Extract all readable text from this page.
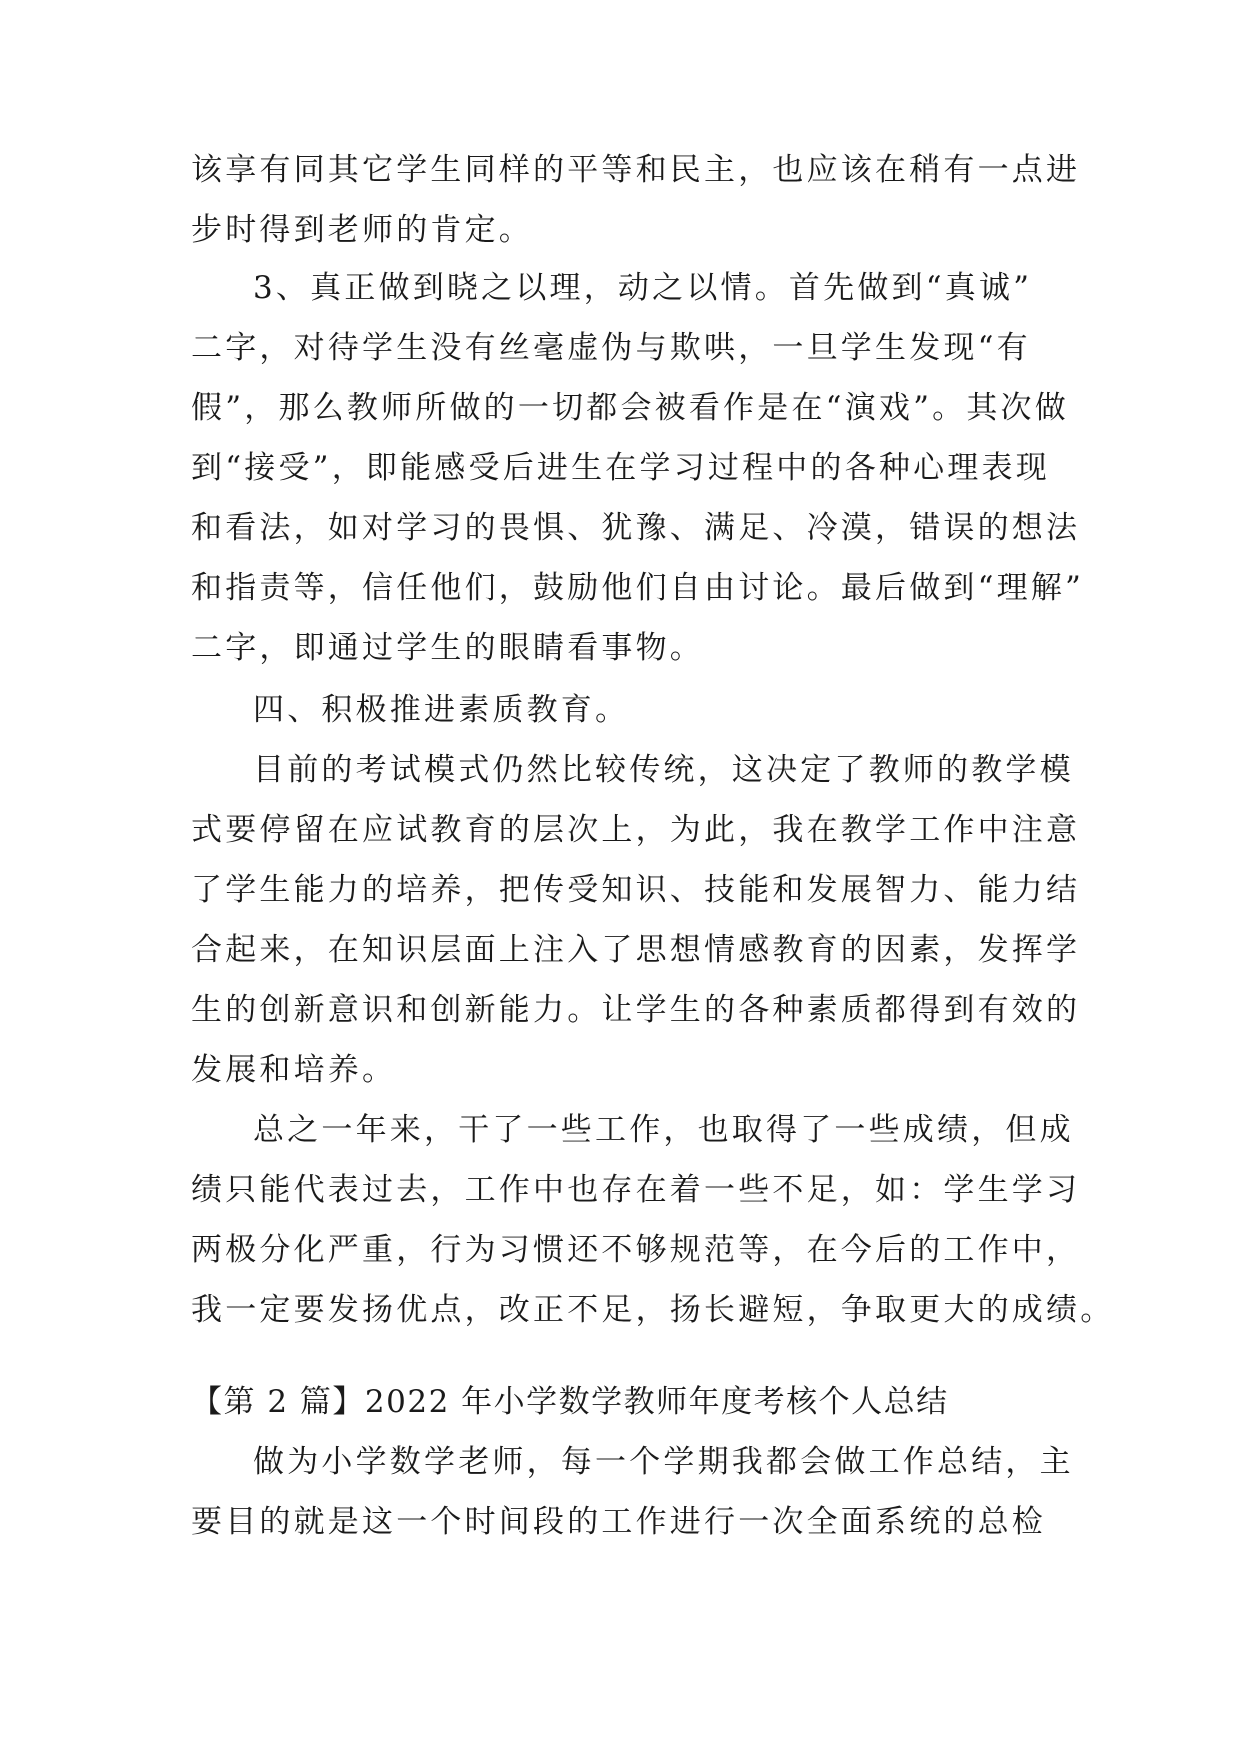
该享有同其它学生同样的平等和民主，也应该在稍有一点进
步时得到老师的肯定。
3、真正做到晓之以理，动之以情。首先做到“真诚”
二字，对待学生没有丝毫虚伪与欺哄，一旦学生发现“有
假”，那么教师所做的一切都会被看作是在“演戏”。其次做
到“接受”，即能感受后进生在学习过程中的各种心理表现
和看法，如对学习的畏惧、犹豫、满足、冷漠，错误的想法
和指责等，信任他们，鼓励他们自由讨论。最后做到“理解”
二字，即通过学生的眼睛看事物。
四、积极推进素质教育。
目前的考试模式仍然比较传统，这决定了教师的教学模
式要停留在应试教育的层次上，为此，我在教学工作中注意
了学生能力的培养，把传受知识、技能和发展智力、能力结
合起来，在知识层面上注入了思想情感教育的因素，发挥学
生的创新意识和创新能力。让学生的各种素质都得到有效的
发展和培养。
总之一年来，干了一些工作，也取得了一些成绩，但成
绩只能代表过去，工作中也存在着一些不足，如：学生学习
两极分化严重，行为习惯还不够规范等，在今后的工作中，
我一定要发扬优点，改正不足，扬长避短，争取更大的成绩。
【第 2 篇】2022 年小学数学教师年度考核个人总结
做为小学数学老师，每一个学期我都会做工作总结，主
要目的就是这一个时间段的工作进行一次全面系统的总检
